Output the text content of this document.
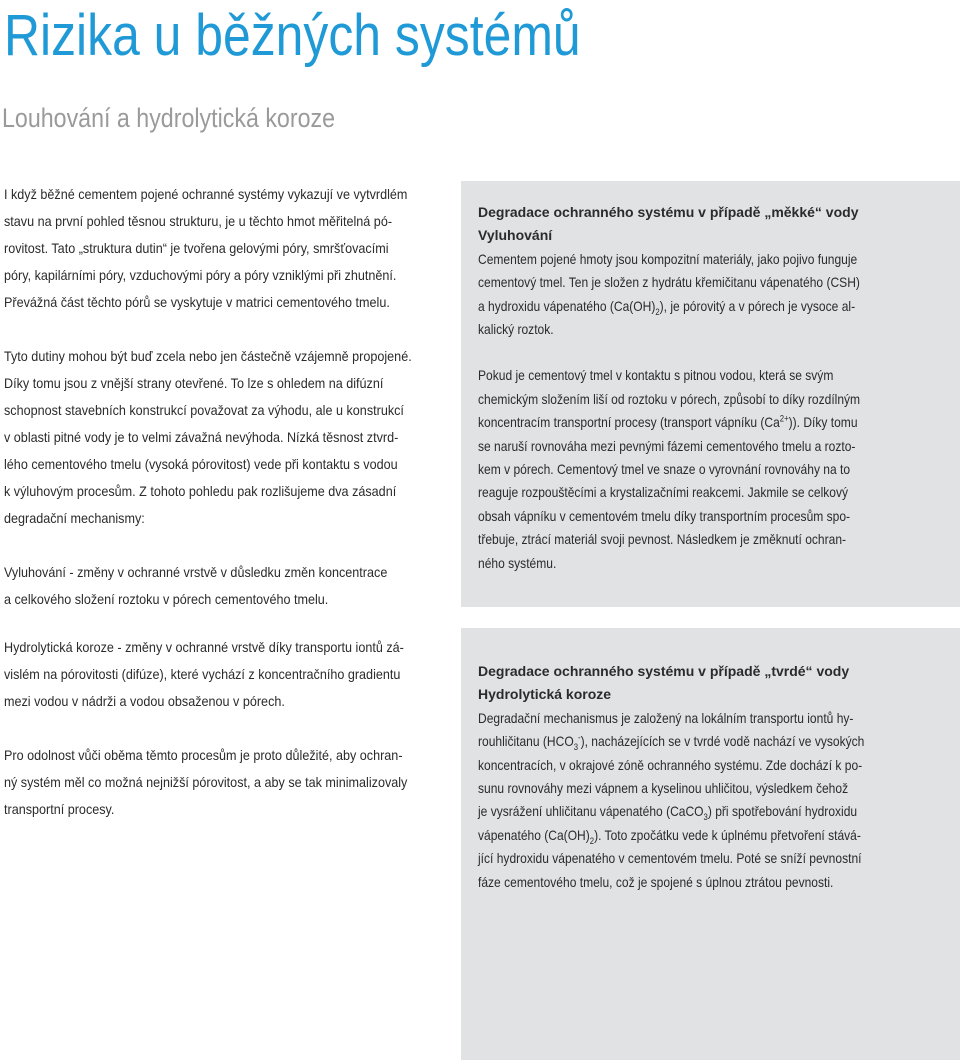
Rizika u běžných systémů
Louhování a hydrolytická koroze

I když běžné cementem pojené ochranné systémy vykazují ve vytvrdlém
stavu na první pohled těsnou strukturu, je u těchto hmot měřitelná pó-
rovitost. Tato „struktura dutin“ je tvořena gelovými póry, smršťovacími
póry, kapilárními póry, vzduchovými póry a póry vzniklými při zhutnění.
Převážná část těchto pórů se vyskytuje v matrici cementového tmelu.

Tyto dutiny mohou být buď zcela nebo jen částečně vzájemně propojené.
Díky tomu jsou z vnější strany otevřené. To lze s ohledem na difúzní
schopnost stavebních konstrukcí považovat za výhodu, ale u konstrukcí
v oblasti pitné vody je to velmi závažná nevýhoda. Nízká těsnost ztvrd-
lého cementového tmelu (vysoká pórovitost) vede při kontaktu s vodou
k výluhovým procesům. Z tohoto pohledu pak rozlišujeme dva zásadní
degradační mechanismy:

Vyluhování - změny v ochranné vrstvě v důsledku změn koncentrace
a celkového složení roztoku v pórech cementového tmelu.

Hydrolytická koroze - změny v ochranné vrstvě díky transportu iontů zá-
vislém na pórovitosti (difúze), které vychází z koncentračního gradientu
mezi vodou v nádrži a vodou obsaženou v pórech.

Pro odolnost vůči oběma těmto procesům je proto důležité, aby ochran-
ný systém měl co možná nejnižší pórovitost, a aby se tak minimalizovaly
transportní procesy.

Degradace ochranného systému v případě „měkké“ vody

Vyluhování

Cementem pojené hmoty jsou kompozitní materiály, jako pojivo funguje
cementový tmel. Ten je složen z hydrátu křemičitanu vápenatého (CSH)
a hydroxidu vápenatého $(Ca(OH)_2)$, je pórovitý a v pórech je vysoce al-
kalický roztok.

Pokud je cementový tmel v kontaktu s pitnou vodou, která se svým
chemickým složením liší od roztoku v pórech, způsobí to díky rozdílným
koncentracím transportní procesy (transport vápníku $(Ca^{2+})$). Díky tomu
se naruší rovnováha mezi pevnými fázemi cementového tmelu a rozto-
kem v pórech. Cementový tmel ve snaze o vyrovnání rovnováhy na to
reaguje rozpouštěcími a krystalizačními reakcemi. Jakmile se celkový
obsah vápníku v cementovém tmelu díky transportním procesům spo-
třebuje, ztrácí materiál svoji pevnost. Následkem je změknutí ochran-
ného systému.

Degradace ochranného systému v případě „tvrdé“ vody

Hydrolytická koroze

Degradační mechanismus je založený na lokálním transportu iontů hy-
rouhličitanu $(HCO_3^-)$, nacházejících se v tvrdé vodě nachází ve vysokých
koncentracích, v okrajové zóně ochranného systému. Zde dochází k po-
sunu rovnováhy mezi vápnem a kyselinou uhličitou, výsledkem čehož
je vysrážení uhličitanu vápenatého (CaCO$_3$) při spotřebování hydroxidu
vápenatého $(Ca(OH)_2)$. Toto zpočátku vede k úplnému přetvoření stává-
jící hydroxidu vápenatého v cementovém tmelu. Poté se sníží pevnostní
fáze cementového tmelu, což je spojené s úplnou ztrátou pevnosti.
